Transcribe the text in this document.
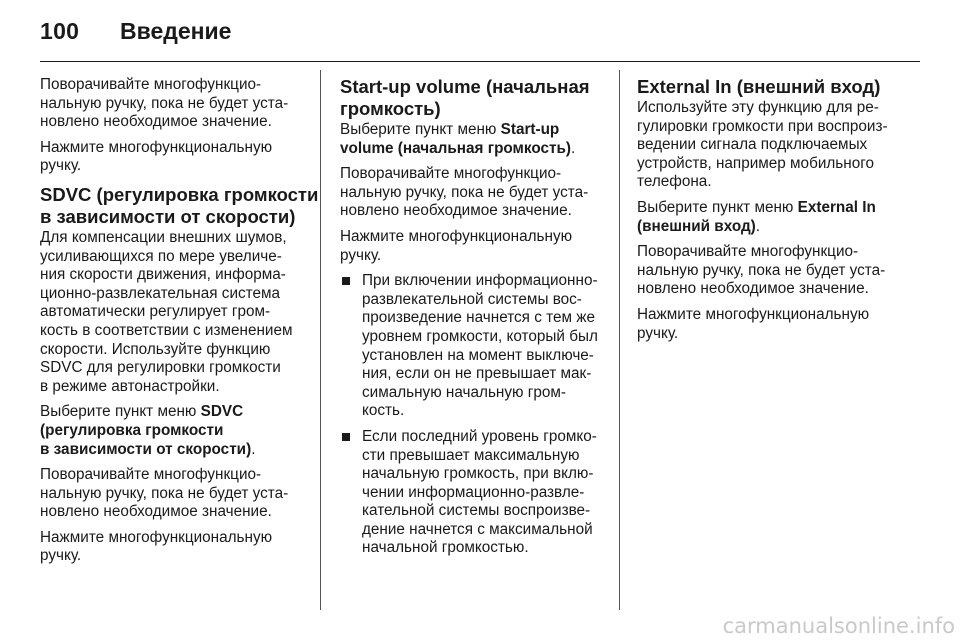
100 Введение

Поворачивайте многофункцио-
нальную ручку, пока не будет уста-
новлено необходимое значение.

Нажмите многофункциональную
ручку.

SDVC (регулировка громкости
в зависимости от скорости)

Для компенсации внешних шумов,
усиливающихся по мере увеличе-
ния скорости движения, информа-
ционно-развлекательная система
автоматически регулирует гром-
кость в соответствии с изменением
скорости. Используйте функцию
SDVC для регулировки громкости
в режиме автонастройки.

Выберите пункт меню SDVC
(регулировка громкости
в зависимости от скорости).

Поворачивайте многофункцио-
нальную ручку, пока не будет уста-
новлено необходимое значение.

Нажмите многофункциональную
ручку.

Start-up volume (начальная
громкость)

Выберите пункт меню Start-up
volume (начальная громкость).

Поворачивайте многофункцио-
нальную ручку, пока не будет уста-
новлено необходимое значение.

Нажмите многофункциональную
ручку.

При включении информационно-
развлекательной системы вос-
произведение начнется с тем же
уровнем громкости, который был
установлен на момент выключе-
ния, если он не превышает мак-
симальную начальную гром-
кость.
Если последний уровень громко-
сти превышает максимальную
начальную громкость, при вклю-
чении информационно-развле-
кательной системы воспроизве-
дение начнется с максимальной
начальной громкостью.
External In (внешний вход)

Используйте эту функцию для ре-
гулировки громкости при воспроиз-
ведении сигнала подключаемых
устройств, например мобильного
телефона.

Выберите пункт меню External In
(внешний вход).

Поворачивайте многофункцио-
нальную ручку, пока не будет уста-
новлено необходимое значение.

Нажмите многофункциональную
ручку.

carmanualsonline.info
